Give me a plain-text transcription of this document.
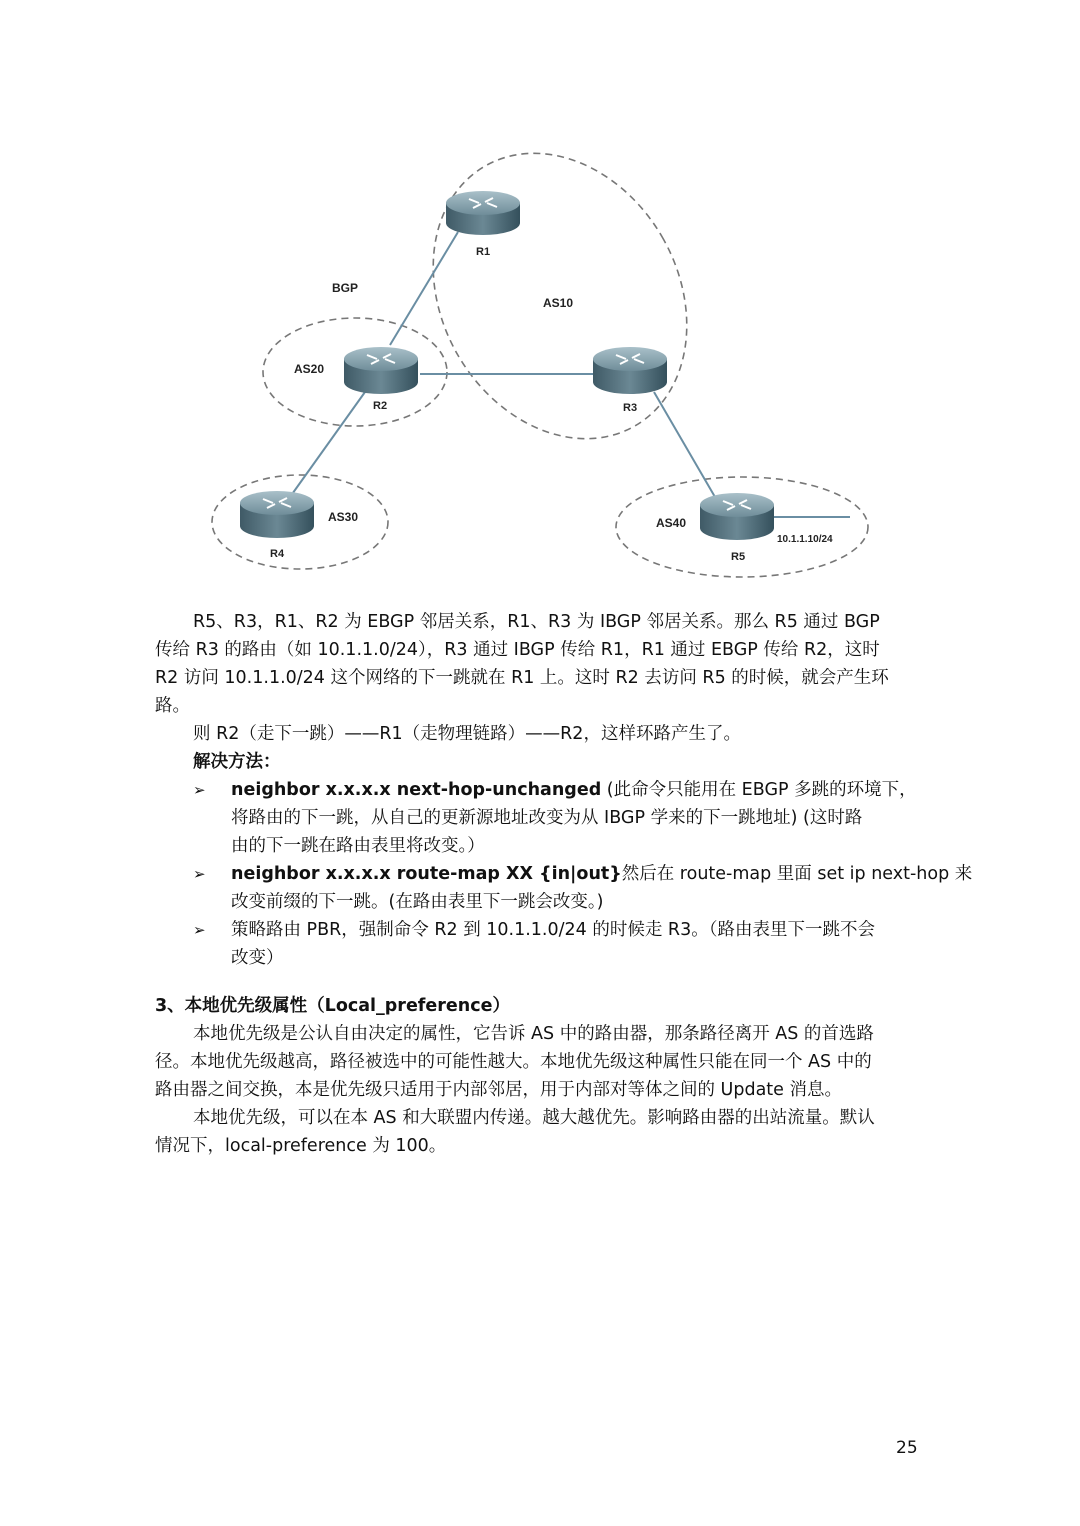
BGP
R1
R2	R3
R4	R5
AS10
AS20
AS30	AS40
10.1.1.10/24

R5、R3，R1、R2 为 EBGP 邻居关系，R1、R3 为 IBGP 邻居关系。那么 R5 通过 BGP

传给 R3 的路由（如 10.1.1.0/24），R3 通过 IBGP 传给 R1，R1 通过 EBGP 传给 R2，这时

R2 访问 10.1.1.0/24 这个网络的下一跳就在 R1 上。这时 R2 去访问 R5 的时候，就会产生环

路。

则 R2（走下一跳）——R1（走物理链路）——R2，这样环路产生了。

解决方法：

➢	neighbor x.x.x.x next-hop-unchanged (此命令只能用在 EBGP 多跳的环境下，

将路由的下一跳，从自己的更新源地址改变为从 IBGP 学来的下一跳地址) (这时路

由的下一跳在路由表里将改变。）

➢	neighbor x.x.x.x route-map XX {in|out}然后在 route-map 里面 set ip next-hop 来

改变前缀的下一跳。(在路由表里下一跳会改变。)

➢	策略路由 PBR，强制命令 R2 到 10.1.1.0/24 的时候走 R3。（路由表里下一跳不会

改变）

3、本地优先级属性（Local_preference）

本地优先级是公认自由决定的属性，它告诉 AS 中的路由器，那条路径离开 AS 的首选路

径。本地优先级越高，路径被选中的可能性越大。本地优先级这种属性只能在同一个 AS 中的

路由器之间交换，本是优先级只适用于内部邻居，用于内部对等体之间的 Update 消息。

本地优先级，可以在本 AS 和大联盟内传递。越大越优先。影响路由器的出站流量。默认

情况下，local-preference 为 100。

25
